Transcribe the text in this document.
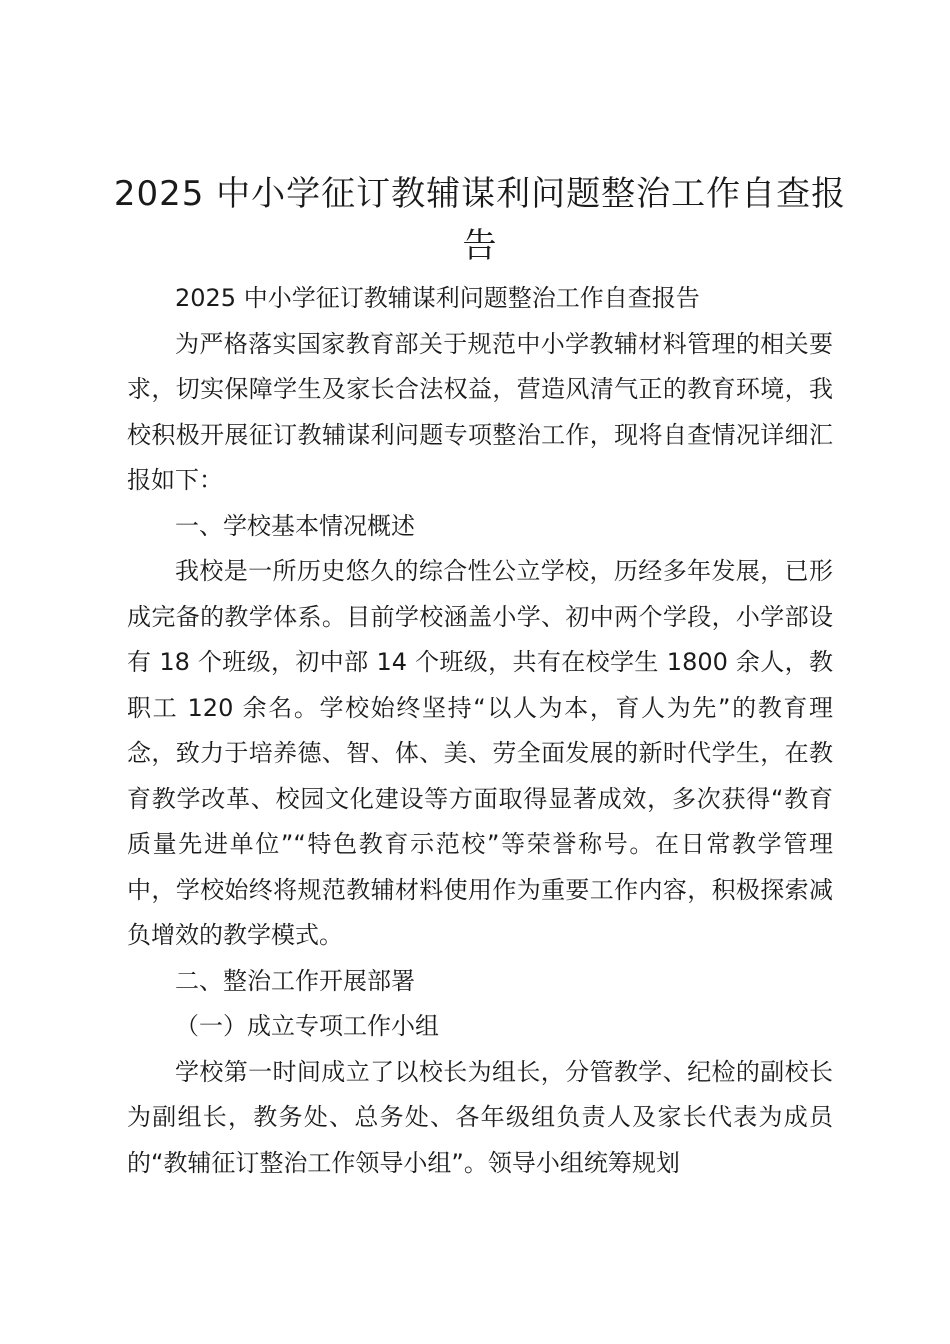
2025 中小学征订教辅谋利问题整治工作自查报告

2025 中小学征订教辅谋利问题整治工作自查报告

为严格落实国家教育部关于规范中小学教辅材料管理的相关要求，切实保障学生及家长合法权益，营造风清气正的教育环境，我校积极开展征订教辅谋利问题专项整治工作，现将自查情况详细汇报如下：

一、学校基本情况概述

我校是一所历史悠久的综合性公立学校，历经多年发展，已形成完备的教学体系。目前学校涵盖小学、初中两个学段，小学部设有 18 个班级，初中部 14 个班级，共有在校学生 1800 余人，教职工 120 余名。学校始终坚持“以人为本，育人为先”的教育理念，致力于培养德、智、体、美、劳全面发展的新时代学生，在教育教学改革、校园文化建设等方面取得显著成效，多次获得“教育质量先进单位”“特色教育示范校”等荣誉称号。在日常教学管理中，学校始终将规范教辅材料使用作为重要工作内容，积极探索减负增效的教学模式。

二、整治工作开展部署

（一）成立专项工作小组

学校第一时间成立了以校长为组长，分管教学、纪检的副校长为副组长，教务处、总务处、各年级组负责人及家长代表为成员的“教辅征订整治工作领导小组”。领导小组统筹规划
